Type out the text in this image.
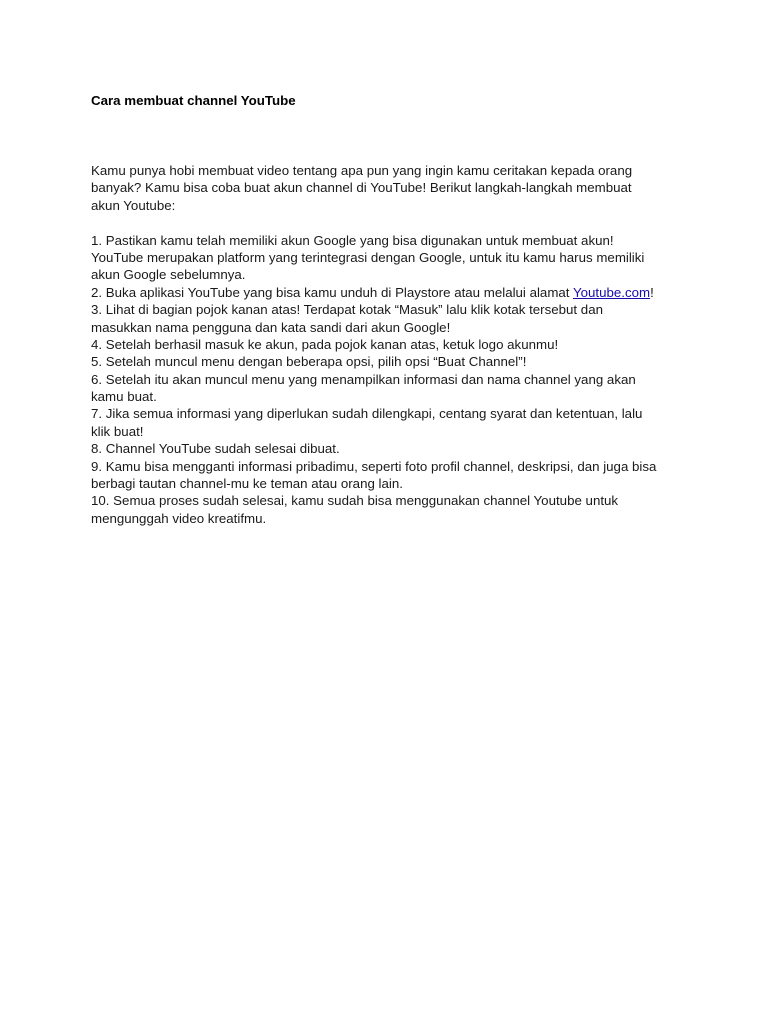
Cara membuat channel YouTube
Kamu punya hobi membuat video tentang apa pun yang ingin kamu ceritakan kepada orang
banyak? Kamu bisa coba buat akun channel di YouTube! Berikut langkah-langkah membuat
akun Youtube:
1. Pastikan kamu telah memiliki akun Google yang bisa digunakan untuk membuat akun!
YouTube merupakan platform yang terintegrasi dengan Google, untuk itu kamu harus memiliki
akun Google sebelumnya.
2. Buka aplikasi YouTube yang bisa kamu unduh di Playstore atau melalui alamat Youtube.com!
3. Lihat di bagian pojok kanan atas! Terdapat kotak “Masuk” lalu klik kotak tersebut dan
masukkan nama pengguna dan kata sandi dari akun Google!
4. Setelah berhasil masuk ke akun, pada pojok kanan atas, ketuk logo akunmu!
5. Setelah muncul menu dengan beberapa opsi, pilih opsi “Buat Channel”!
6. Setelah itu akan muncul menu yang menampilkan informasi dan nama channel yang akan
kamu buat.
7. Jika semua informasi yang diperlukan sudah dilengkapi, centang syarat dan ketentuan, lalu
klik buat!
8. Channel YouTube sudah selesai dibuat.
9. Kamu bisa mengganti informasi pribadimu, seperti foto profil channel, deskripsi, dan juga bisa
berbagi tautan channel-mu ke teman atau orang lain.
10. Semua proses sudah selesai, kamu sudah bisa menggunakan channel Youtube untuk
mengunggah video kreatifmu.
